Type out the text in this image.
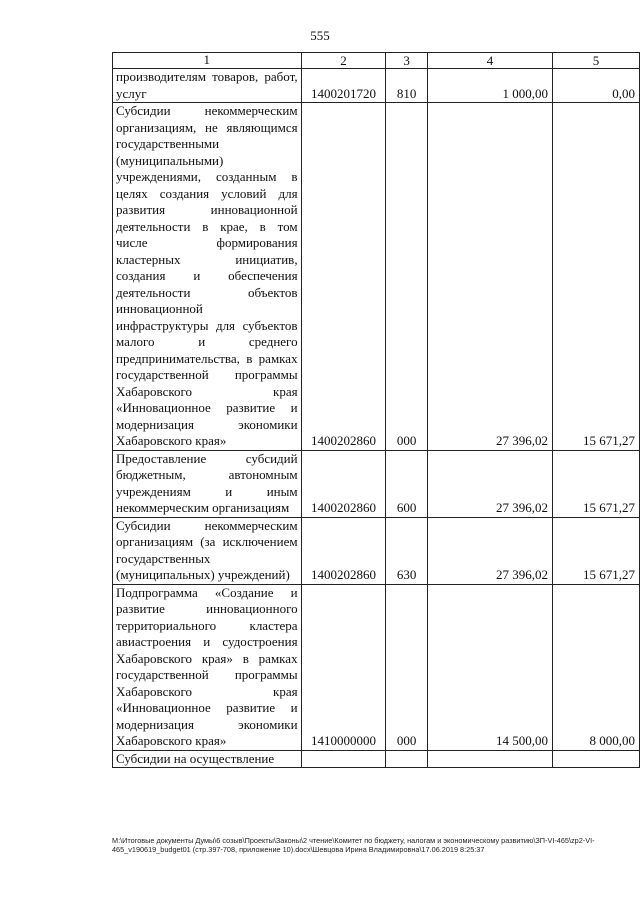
555
1	2	3	4	5

производителям товаров, работ, услуг	1400201720	810	1 000,00	0,00

Субсидии некоммерческим организациям, не являющимся государственными (муниципальными) учреждениями, созданным в целях создания условий для развития инновационной деятельности в крае, в том числе формирования кластерных инициатив, создания и обеспечения деятельности объектов инновационной инфраструктуры для субъектов малого и среднего предпринимательства, в рамках государственной программы Хабаровского края «Инновационное развитие и модернизация экономики Хабаровского края»	1400202860	000	27 396,02	15 671,27

Предоставление субсидий бюджетным, автономным учреждениям и иным некоммерческим организациям	1400202860	600	27 396,02	15 671,27

Субсидии некоммерческим организациям (за исключением государственных (муниципальных) учреждений)	1400202860	630	27 396,02	15 671,27

Подпрограмма «Создание и развитие инновационного территориального кластера авиастроения и судостроения Хабаровского края» в рамках государственной программы Хабаровского края «Инновационное развитие и модернизация экономики Хабаровского края»	1410000000	000	14 500,00	8 000,00

Субсидии на осуществление				

М:\Итоговые документы Думы\6 созыв\Проекты\Законы\2 чтение\Комитет по бюджету, налогам и экономическому развитию\ЗП-VI-465\zp2-VI-465_v190619_budget01 (стр.397-708, приложение 10).docx\Шевцова Ирина Владимировна\17.06.2019 8:25:37
